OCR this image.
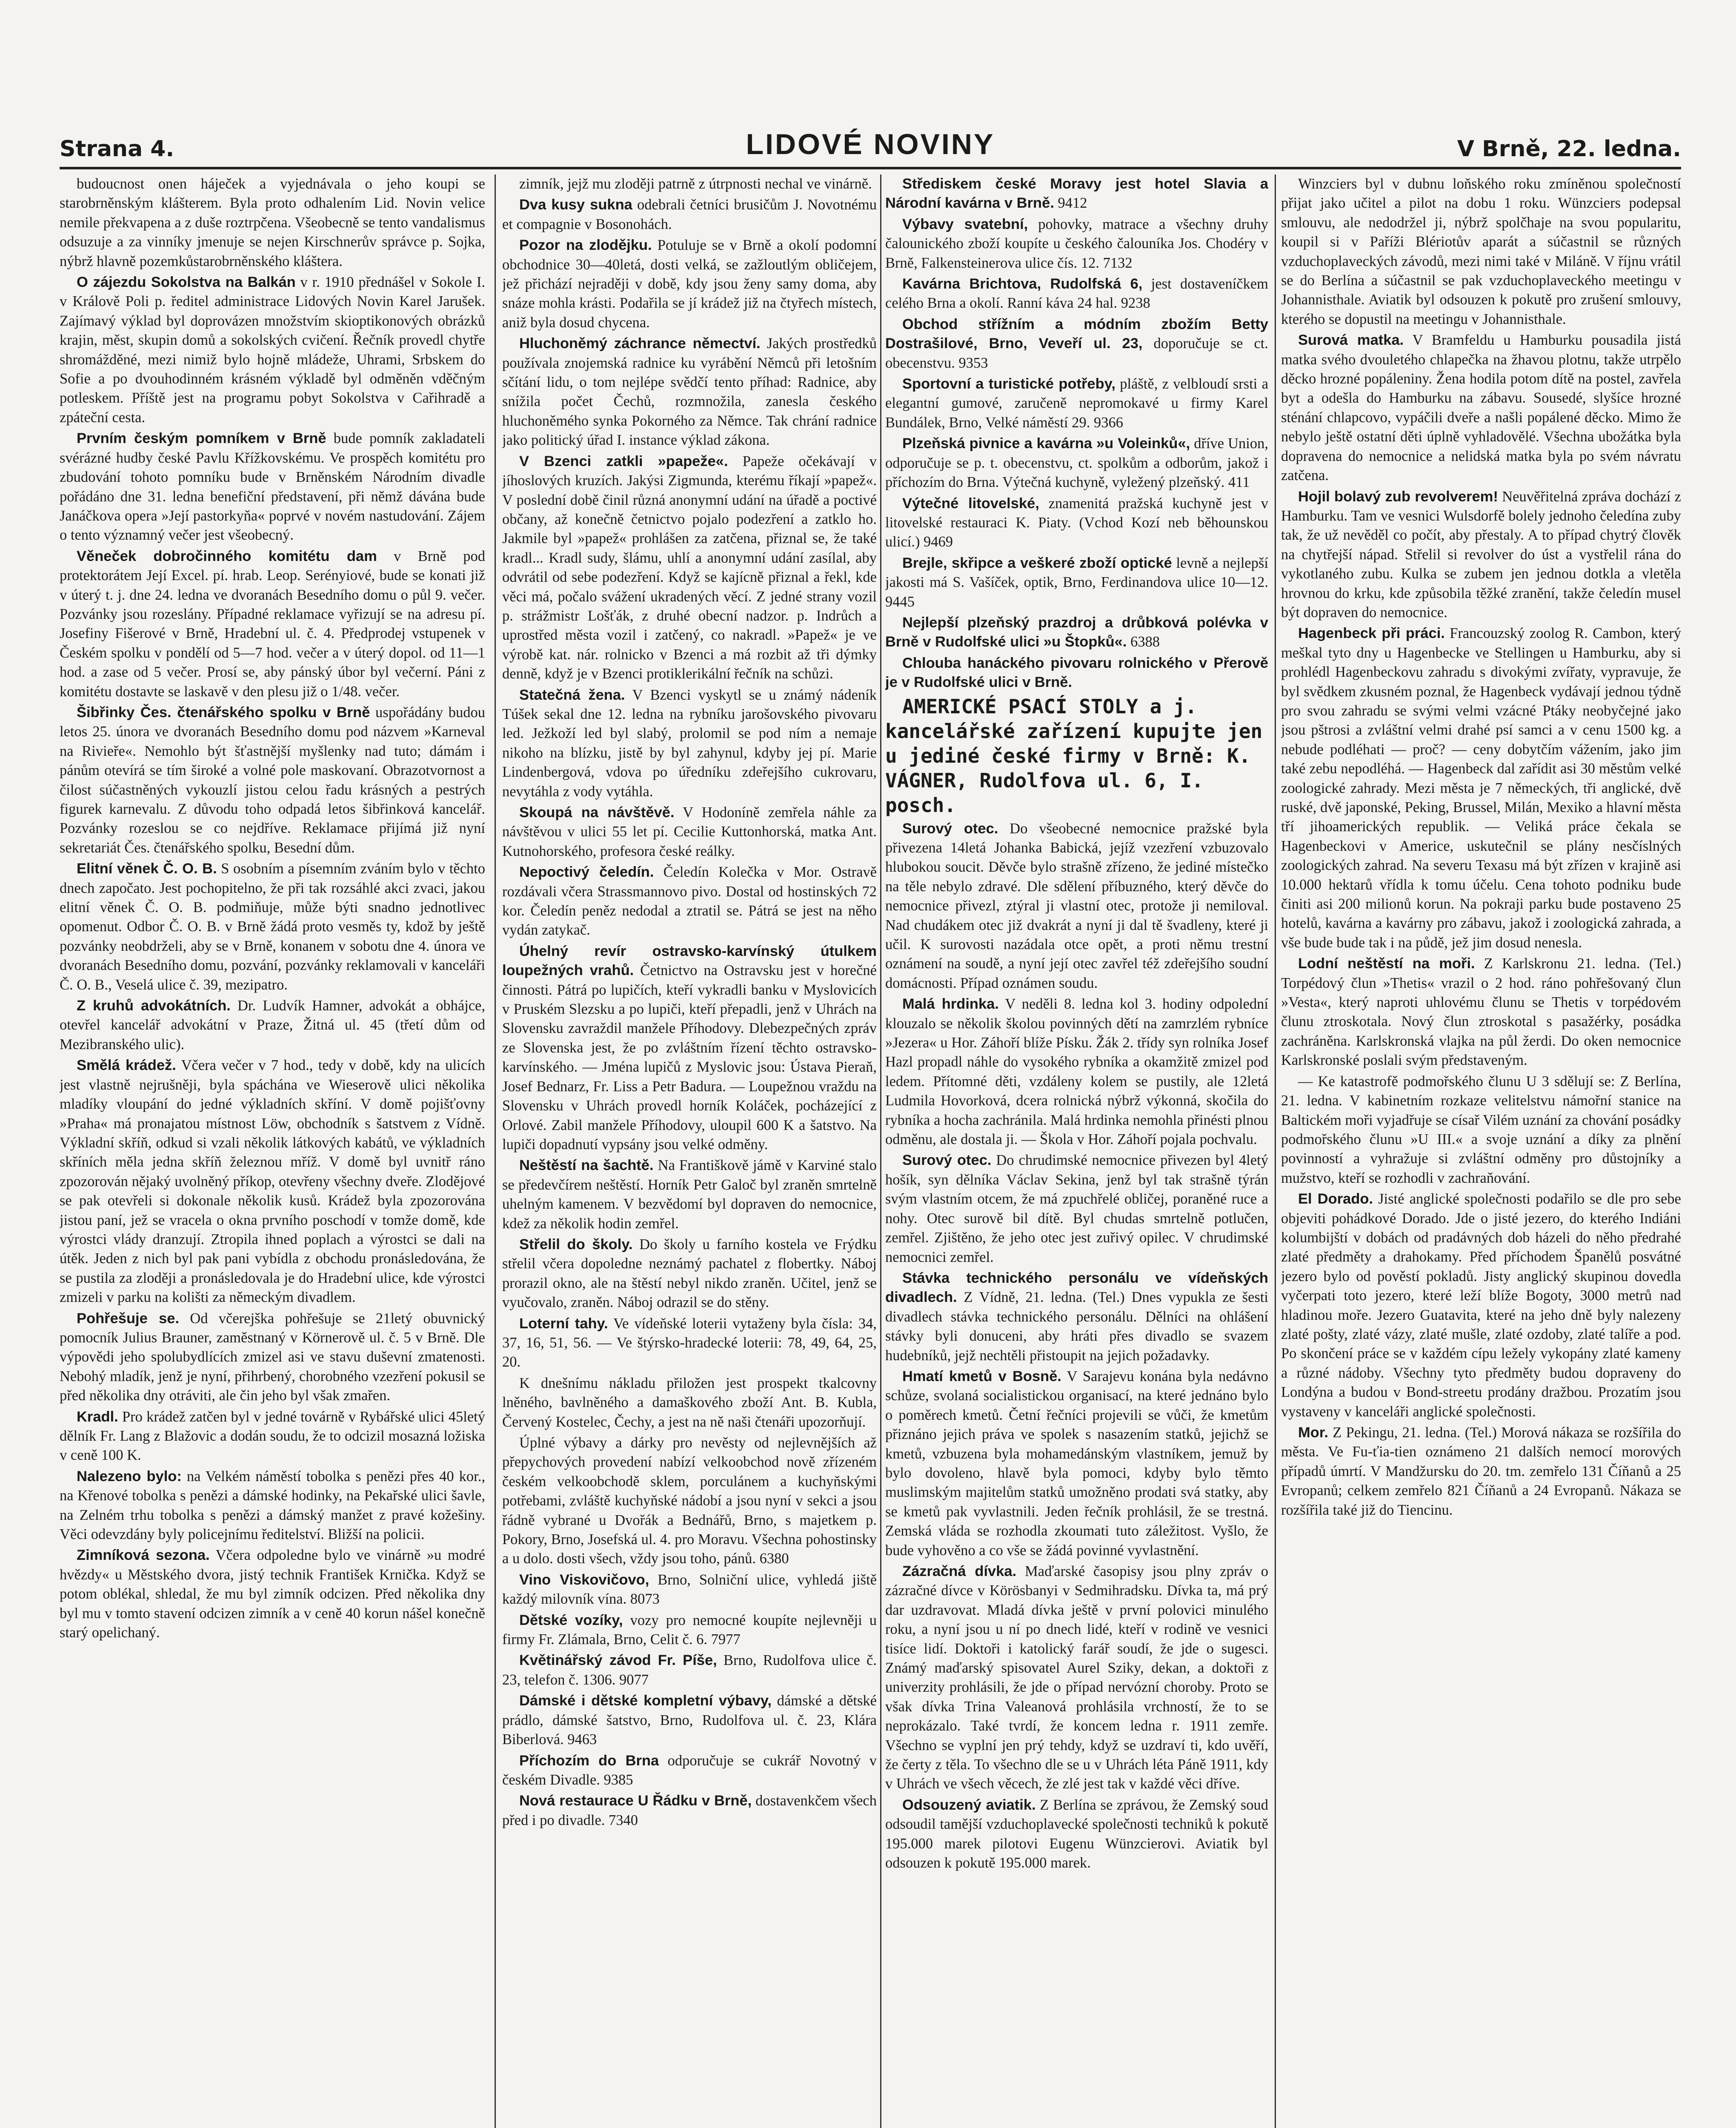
Strana 4.	LIDOVÉ NOVINY	V Brně, 22. ledna.

budoucnost onen háječek a vyjednávala o jeho koupi se starobrněnským klášterem. Byla proto odhalením Lid. Novin velice nemile překvapena a z duše roztrpčena. Všeobecně se tento vandalismus odsuzuje a za vinníky jmenuje se nejen Kirschnerův správce p. Sojka, nýbrž hlavně pozemkůstarobrněnského kláštera.

O zájezdu Sokolstva na Balkán v r. 1910 přednášel v Sokole I. v Králově Poli p. ředitel administrace Lidových Novin Karel Jarušek. Zajímavý výklad byl doprovázen množstvím skioptikonových obrázků krajin, měst, skupin domů a sokolských cvičení. Řečník provedl chytře shromážděné, mezi nimiž bylo hojně mládeže, Uhrami, Srbskem do Sofie a po dvouhodinném krásném výkladě byl odměněn vděčným potleskem. Příště jest na programu pobyt Sokolstva v Cařihradě a zpáteční cesta.

Prvním českým pomníkem v Brně bude pomník zakladateli svérázné hudby české Pavlu Křížkovskému. Ve prospěch komitétu pro zbudování tohoto pomníku bude v Brněnském Národním divadle pořádáno dne 31. ledna benefiční představení, při němž dávána bude Janáčkova opera »Její pastorkyňa« poprvé v novém nastudování. Zájem o tento významný večer jest všeobecný.

Věneček dobročinného komitétu dam v Brně pod protektorátem Její Excel. pí. hrab. Leop. Serényiové, bude se konati již v úterý t. j. dne 24. ledna ve dvoranách Besedního domu o půl 9. večer. Pozvánky jsou rozeslány. Případné reklamace vyřizují se na adresu pí. Josefiny Fišerové v Brně, Hradební ul. č. 4. Předprodej vstupenek v Českém spolku v pondělí od 5—7 hod. večer a v úterý dopol. od 11—1 hod. a zase od 5 večer. Prosí se, aby pánský úbor byl večerní. Páni z komitétu dostavte se laskavě v den plesu již o 1/48. večer.

Šibřinky Čes. čtenářského spolku v Brně uspořádány budou letos 25. února ve dvoranách Besedního domu pod názvem »Karneval na Rivieře«. Nemohlo být šťastnější myšlenky nad tuto; dámám i pánům otevírá se tím široké a volné pole maskovaní. Obrazotvornost a čilost súčastněných vykouzlí jistou celou řadu krásných a pestrých figurek karnevalu. Z důvodu toho odpadá letos šibřinková kancelář. Pozvánky rozeslou se co nejdříve. Reklamace přijímá již nyní sekretariát Čes. čtenářského spolku, Besední dům.

Elitní věnek Č. O. B. S osobním a písemním zváním bylo v těchto dnech započato. Jest pochopitelno, že při tak rozsáhlé akci zvaci, jakou elitní věnek Č. O. B. podmiňuje, může býti snadno jednotlivec opomenut. Odbor Č. O. B. v Brně žádá proto vesměs ty, kdož by ještě pozvánky neobdrželi, aby se v Brně, konanem v sobotu dne 4. února ve dvoranách Besedního domu, pozvání, pozvánky reklamovali v kanceláři Č. O. B., Veselá ulice č. 39, mezipatro.

Z kruhů advokátních. Dr. Ludvík Hamner, advokát a obhájce, otevřel kancelář advokátní v Praze, Žitná ul. 45 (třetí dům od Mezibranského ulic).

Smělá krádež. Včera večer v 7 hod., tedy v době, kdy na ulicích jest vlastně nejrušněji, byla spáchána ve Wieserově ulici několika mladíky vloupání do jedné výkladních skříní. V domě pojišťovny »Praha« má pronajatou místnost Löw, obchodník s šatstvem z Vídně. Výkladní skříň, odkud si vzali několik látkových kabátů, ve výkladních skříních měla jedna skříň železnou mříž. V domě byl uvnitř ráno zpozorován nějaký uvolněný příkop, otevřeny všechny dveře. Zlodějové se pak otevřeli si dokonale několik kusů. Krádež byla zpozorována jistou paní, jež se vracela o okna prvního poschodí v tomže domě, kde výrostci vlády dranzují. Ztropila ihned poplach a výrostci se dali na útěk. Jeden z nich byl pak pani vybídla z obchodu pronásledována, že se pustila za zloději a pronásledovala je do Hradební ulice, kde výrostci zmizeli v parku na kolišti za německým divadlem.

Pohřešuje se. Od včerejška pohřešuje se 21letý obuvnický pomocník Julius Brauner, zaměstnaný v Körnerově ul. č. 5 v Brně. Dle výpovědi jeho spolubydlících zmizel asi ve stavu duševní zmatenosti. Nebohý mladík, jenž je nyní, přihrbený, chorobného vzezření pokusil se před několika dny otráviti, ale čin jeho byl však zmařen.

Kradl. Pro krádež zatčen byl v jedné továrně v Rybářské ulici 45letý dělník Fr. Lang z Blažovic a dodán soudu, že to odcizil mosazná ložiska v ceně 100 K.

Nalezeno bylo: na Velkém náměstí tobolka s penězi přes 40 kor., na Křenové tobolka s penězi a dámské hodinky, na Pekařské ulici šavle, na Zelném trhu tobolka s penězi a dámský manžet z pravé kožešiny. Věci odevzdány byly policejnímu ředitelství. Bližší na policii.

Zimníková sezona. Včera odpoledne bylo ve vinárně »u modré hvězdy« u Městského dvora, jistý technik František Krnička. Když se potom oblékal, shledal, že mu byl zimník odcizen. Před několika dny byl mu v tomto stavení odcizen zimník a v ceně 40 korun nášel konečně starý opelichaný.

zimník, jejž mu zloději patrně z útrpnosti nechal ve vinárně.

Dva kusy sukna odebrali četníci brusičům J. Novotnému et compagnie v Bosonohách.

Pozor na zlodějku. Potuluje se v Brně a okolí podomní obchodnice 30—40letá, dosti velká, se zažloutlým obličejem, jež přichází nejraději v době, kdy jsou ženy samy doma, aby snáze mohla krásti. Podařila se jí krádež již na čtyřech místech, aniž byla dosud chycena.

Hluchoněmý záchrance němectví. Jakých prostředků používala znojemská radnice ku vyrábění Němců při letošním sčítání lidu, o tom nejlépe svědčí tento příhad: Radnice, aby snížila počet Čechů, rozmnožila, zanesla českého hluchoněmého synka Pokorného za Němce. Tak chrání radnice jako politický úřad I. instance výklad zákona.

V Bzenci zatkli »papeže«. Papeže očekávají v jíhoslových kruzích. Jakýsi Zigmunda, kterému říkají »papež«. V poslední době činil různá anonymní udání na úřadě a poctivé občany, až konečně četnictvo pojalo podezření a zatklo ho. Jakmile byl »papež« prohlášen za zatčena, přiznal se, že také kradl... Kradl sudy, šlámu, uhlí a anonymní udání zasílal, aby odvrátil od sebe podezření. Když se kajícně přiznal a řekl, kde věci má, počalo svážení ukradených věcí. Z jedné strany vozil p. strážmistr Lošťák, z druhé obecní nadzor. p. Indrůch a uprostřed města vozil i zatčený, co nakradl. »Papež« je ve výrobě kat. nár. rolnicko v Bzenci a má rozbit až tři dýmky denně, když je v Bzenci protiklerikální řečník na schůzi.

Statečná žena. V Bzenci vyskytl se u známý nádeník Túšek sekal dne 12. ledna na rybníku jarošovského pivovaru led. Ježkoží led byl slabý, prolomil se pod ním a nemaje nikoho na blízku, jistě by byl zahynul, kdyby jej pí. Marie Lindenbergová, vdova po úředníku zdeřejšího cukrovaru, nevytáhla z vody vytáhla.

Skoupá na návštěvě. V Hodoníně zemřela náhle za návštěvou v ulici 55 let pí. Cecilie Kuttonhorská, matka Ant. Kutnohorského, profesora české reálky.

Nepoctivý čeledín. Čeledín Kolečka v Mor. Ostravě rozdávali včera Strassmannovo pivo. Dostal od hostinských 72 kor. Čeledín peněz nedodal a ztratil se. Pátrá se jest na něho vydán zatykač.

Úhelný revír ostravsko-karvínský útulkem loupežných vrahů. Četnictvo na Ostravsku jest v horečné činnosti. Pátrá po lupičích, kteří vykradli banku v Myslovicích v Pruském Slezsku a po lupiči, kteří přepadli, jenž v Uhrách na Slovensku zavraždil manžele Příhodovy. Dlebezpečných zpráv ze Slovenska jest, že po zvláštním řízení těchto ostravsko-karvínského. — Jména lupičů z Myslovic jsou: Ústava Pieraň, Josef Bednarz, Fr. Liss a Petr Badura. — Loupežnou vraždu na Slovensku v Uhrách provedl horník Koláček, pocházející z Orlové. Zabil manžele Příhodovy, uloupil 600 K a šatstvo. Na lupiči dopadnutí vypsány jsou velké odměny.

Neštěstí na šachtě. Na Františkově jámě v Karviné stalo se předevčírem neštěstí. Horník Petr Galoč byl zraněn smrtelně uhelným kamenem. V bezvědomí byl dopraven do nemocnice, kdež za několik hodin zemřel.

Střelil do školy. Do školy u farního kostela ve Frýdku střelil včera dopoledne neznámý pachatel z flobertky. Náboj prorazil okno, ale na štěstí nebyl nikdo zraněn. Učitel, jenž se vyučovalo, zraněn. Náboj odrazil se do stěny.

Loterní tahy. Ve vídeňské loterii vytaženy byla čísla: 34, 37, 16, 51, 56. — Ve štýrsko-hradecké loterii: 78, 49, 64, 25, 20.

K dnešnímu nákladu přiložen jest prospekt tkalcovny lněného, bavlněného a damaškového zboží Ant. B. Kubla, Červený Kostelec, Čechy, a jest na ně naši čtenáři upozorňují.

Úplné výbavy a dárky pro nevěsty od nejlevnějších až přepychových provedení nabízí velkoobchod nově zřízeném českém velkoobchodě sklem, porculánem a kuchyňskými potřebami, zvláště kuchyňské nádobí a jsou nyní v sekci a jsou řádně vybrané u Dvořák a Bednářů, Brno, s majetkem p. Pokory, Brno, Josefská ul. 4. pro Moravu. Všechna pohostinsky a u dolo. dosti všech, vždy jsou toho, pánů. 6380

Vino Viskovičovo, Brno, Solniční ulice, vyhledá jiště každý milovník vína. 8073

Dětské vozíky, vozy pro nemocné koupíte nejlevněji u firmy Fr. Zlámala, Brno, Celit č. 6. 7977

Květinářský závod Fr. Píše, Brno, Rudolfova ulice č. 23, telefon č. 1306. 9077

Dámské i dětské kompletní výbavy, dámské a dětské prádlo, dámské šatstvo, Brno, Rudolfova ul. č. 23, Klára Biberlová. 9463

Příchozím do Brna odporučuje se cukrář Novotný v českém Divadle. 9385

Nová restaurace U Řádku v Brně, dostavenkčem všech před i po divadle. 7340

Střediskem české Moravy jest hotel Slavia a Národní kavárna v Brně. 9412

Výbavy svatební, pohovky, matrace a všechny druhy čalounického zboží koupíte u českého čalouníka Jos. Chodéry v Brně, Falkensteinerova ulice čís. 12. 7132

Kavárna Brichtova, Rudolfská 6, jest dostaveníčkem celého Brna a okolí. Ranní káva 24 hal. 9238

Obchod střížním a módním zbožím Betty Dostrašilové, Brno, Veveří ul. 23, doporučuje se ct. obecenstvu. 9353

Sportovní a turistické potřeby, pláště, z velbloudí srsti a elegantní gumové, zaručeně nepromokavé u firmy Karel Bundálek, Brno, Velké náměstí 29. 9366

Plzeňská pivnice a kavárna »u Voleinků«, dříve Union, odporučuje se p. t. obecenstvu, ct. spolkům a odborům, jakož i příchozím do Brna. Výtečná kuchyně, vyležený plzeňský. 411

Výtečné litovelské, znamenitá pražská kuchyně jest v litovelské restauraci K. Piaty. (Vchod Kozí neb běhounskou ulicí.) 9469

Brejle, skřipce a veškeré zboží optické levně a nejlepší jakosti má S. Vašíček, optik, Brno, Ferdinandova ulice 10—12. 9445

Nejlepší plzeňský prazdroj a drůbková polévka v Brně v Rudolfské ulici »u Štopků«. 6388

Chlouba hanáckého pivovaru rolnického v Přerově je v Rudolfské ulici v Brně.

AMERICKÉ PSACÍ STOLY a j. kancelářské zařízení kupujte jen u jediné české firmy v Brně: K. VÁGNER, Rudolfova ul. 6, I. posch.

Surový otec. Do všeobecné nemocnice pražské byla přivezena 14letá Johanka Babická, jejíž vzezření vzbuzovalo hlubokou soucit. Děvče bylo strašně zřízeno, že jediné místečko na těle nebylo zdravé. Dle sdělení příbuzného, který děvče do nemocnice přivezl, ztýral ji vlastní otec, protože ji nemiloval. Nad chudákem otec již dvakrát a nyní ji dal tě švadleny, které ji učil. K surovosti nazádala otce opět, a proti němu trestní oznámení na soudě, a nyní její otec zavřel též zdeřejšího soudní domácnosti. Případ oznámen soudu.

Malá hrdinka. V neděli 8. ledna kol 3. hodiny odpolední klouzalo se několik školou povinných dětí na zamrzlém rybníce »Jezera« u Hor. Záhoří blíže Písku. Žák 2. třídy syn rolníka Josef Hazl propadl náhle do vysokého rybníka a okamžitě zmizel pod ledem. Přítomné děti, vzdáleny kolem se pustily, ale 12letá Ludmila Hovorková, dcera rolnická nýbrž výkonná, skočila do rybníka a hocha zachránila. Malá hrdinka nemohla přinésti plnou odměnu, ale dostala ji. — Škola v Hor. Záhoří pojala pochvalu.

Surový otec. Do chrudimské nemocnice přivezen byl 4letý hošík, syn dělníka Václav Sekina, jenž byl tak strašně týrán svým vlastním otcem, že má zpuchřelé obličej, poraněné ruce a nohy. Otec surově bil dítě. Byl chudas smrtelně potlučen, zemřel. Zjištěno, že jeho otec jest zuřivý opilec. V chrudimské nemocnici zemřel.

Stávka technického personálu ve vídeňských divadlech. Z Vídně, 21. ledna. (Tel.) Dnes vypukla ze šesti divadlech stávka technického personálu. Dělníci na ohlášení stávky byli donuceni, aby hráti přes divadlo se svazem hudebníků, jejž nechtěli přistoupit na jejich požadavky.

Hmatí kmetů v Bosně. V Sarajevu konána byla nedávno schůze, svolaná socialistickou organisací, na které jednáno bylo o poměrech kmetů. Četní řečníci projevili se vůči, že kmetům přiznáno jejich práva ve spolek s nasazením statků, jejichž se kmetů, vzbuzena byla mohamedánským vlastníkem, jemuž by bylo dovoleno, hlavě byla pomoci, kdyby bylo těmto muslimským majitelům statků umožněno prodati svá statky, aby se kmetů pak vyvlastnili. Jeden řečník prohlásil, že se trestná. Zemská vláda se rozhodla zkoumati tuto záležitost. Vyšlo, že bude vyhověno a co vše se žádá povinné vyvlastnění.

Zázračná dívka. Maďarské časopisy jsou plny zpráv o zázračné dívce v Körösbanyi v Sedmihradsku. Dívka ta, má prý dar uzdravovat. Mladá dívka ještě v první polovici minulého roku, a nyní jsou u ní po dnech lidé, kteří v rodině ve vesnici tisíce lidí. Doktoři i katolický farář soudí, že jde o sugesci. Známý maďarský spisovatel Aurel Sziky, dekan, a doktoři z univerzity prohlásili, že jde o případ nervózní choroby. Proto se však dívka Trina Valeanová prohlásila vrchností, že to se neprokázalo. Také tvrdí, že koncem ledna r. 1911 zemře. Všechno se vyplní jen prý tehdy, když se uzdraví ti, kdo uvěří, že čerty z těla. To všechno dle se u v Uhrách léta Páně 1911, kdy v Uhrách ve všech věcech, že zlé jest tak v každé věci dříve.

Odsouzený aviatik. Z Berlína se zprávou, že Zemský soud odsoudil tamější vzduchoplavecké společnosti techniků k pokutě 195.000 marek pilotovi Eugenu Wünzcierovi. Aviatik byl odsouzen k pokutě 195.000 marek.

Winzciers byl v dubnu loňského roku zmíněnou společností přijat jako učitel a pilot na dobu 1 roku. Wünzciers podepsal smlouvu, ale nedodržel ji, nýbrž spolčhaje na svou popularitu, koupil si v Paříži Blériotův aparát a súčastnil se různých vzduchoplaveckých závodů, mezi nimi také v Miláně. V říjnu vrátil se do Berlína a súčastnil se pak vzduchoplaveckého meetingu v Johannisthale. Aviatik byl odsouzen k pokutě pro zrušení smlouvy, kterého se dopustil na meetingu v Johannisthale.

Surová matka. V Bramfeldu u Hamburku pousadila jistá matka svého dvouletého chlapečka na žhavou plotnu, takže utrpělo děcko hrozné popáleniny. Žena hodila potom dítě na postel, zavřela byt a odešla do Hamburku na zábavu. Sousedé, slyšíce hrozné sténání chlapcovo, vypáčili dveře a našli popálené děcko. Mimo že nebylo ještě ostatní děti úplně vyhladovělé. Všechna ubožátka byla dopravena do nemocnice a nelidská matka byla po svém návratu zatčena.

Hojil bolavý zub revolverem! Neuvěřitelná zpráva dochází z Hamburku. Tam ve vesnici Wulsdorfě bolely jednoho čeledína zuby tak, že už nevěděl co počít, aby přestaly. A to případ chytrý člověk na chytřejší nápad. Střelil si revolver do úst a vystřelil rána do vykotlaného zubu. Kulka se zubem jen jednou dotkla a vletěla hrovnou do krku, kde způsobila těžké zranění, takže čeledín musel být dopraven do nemocnice.

Hagenbeck při práci. Francouzský zoolog R. Cambon, který meškal tyto dny u Hagenbecke ve Stellingen u Hamburku, aby si prohlédl Hagenbeckovu zahradu s divokými zvířaty, vypravuje, že byl svědkem zkusném poznal, že Hagenbeck vydávají jednou týdně pro svou zahradu se svými velmi vzácné Ptáky neobyčejné jako jsou pštrosi a zvláštní velmi drahé psí samci a v cenu 1500 kg. a nebude podléhati — proč? — ceny dobytčím vážením, jako jim také zebu nepodléhá. — Hagenbeck dal zařídit asi 30 městům velké zoologické zahrady. Mezi města je 7 německých, tři anglické, dvě ruské, dvě japonské, Peking, Brussel, Milán, Mexiko a hlavní města tří jihoamerických republik. — Veliká práce čekala se Hagenbeckovi v Americe, uskutečnil se plány nesčíslných zoologických zahrad. Na severu Texasu má být zřízen v krajině asi 10.000 hektarů vřídla k tomu účelu. Cena tohoto podniku bude činiti asi 200 milionů korun. Na pokraji parku bude postaveno 25 hotelů, kavárna a kavárny pro zábavu, jakož i zoologická zahrada, a vše bude bude tak i na půdě, jež jim dosud nenesla.

Lodní neštěstí na moři. Z Karlskronu 21. ledna. (Tel.) Torpédový člun »Thetis« vrazil o 2 hod. ráno pohřešovaný člun »Vesta«, který naproti uhlovému člunu se Thetis v torpédovém člunu ztroskotala. Nový člun ztroskotal s pasažérky, posádka zachráněna. Karlskronská vlajka na půl žerdi. Do oken nemocnice Karlskronské poslali svým představeným.

— Ke katastrofě podmořského člunu U 3 sdělují se: Z Berlína, 21. ledna. V kabinetním rozkaze velitelstvu námořní stanice na Baltickém moři vyjadřuje se císař Vilém uznání za chování posádky podmořského člunu »U III.« a svoje uznání a díky za plnění povinností a vyhražuje si zvláštní odměny pro důstojníky a mužstvo, kteří se rozhodli v zachraňování.

El Dorado. Jisté anglické společnosti podařilo se dle pro sebe objeviti pohádkové Dorado. Jde o jisté jezero, do kterého Indiáni kolumbijští v dobách od pradávných dob házeli do něho předrahé zlaté předměty a drahokamy. Před příchodem Španělů posvátné jezero bylo od pověstí pokladů. Jisty anglický skupinou dovedla vyčerpati toto jezero, které leží blíže Bogoty, 3000 metrů nad hladinou moře. Jezero Guatavita, které na jeho dně byly nalezeny zlaté pošty, zlaté vázy, zlaté mušle, zlaté ozdoby, zlaté talíře a pod. Po skončení práce se v každém cípu ležely vykopány zlaté kameny a různé nádoby. Všechny tyto předměty budou dopraveny do Londýna a budou v Bond-streetu prodány dražbou. Prozatím jsou vystaveny v kanceláři anglické společnosti.

Mor. Z Pekingu, 21. ledna. (Tel.) Morová nákaza se rozšířila do města. Ve Fu-ťia-tien oznámeno 21 dalších nemocí morových případů úmrtí. V Mandžursku do 20. tm. zemřelo 131 Číňanů a 25 Evropanů; celkem zemřelo 821 Číňanů a 24 Evropanů. Nákaza se rozšířila také již do Tiencinu.
